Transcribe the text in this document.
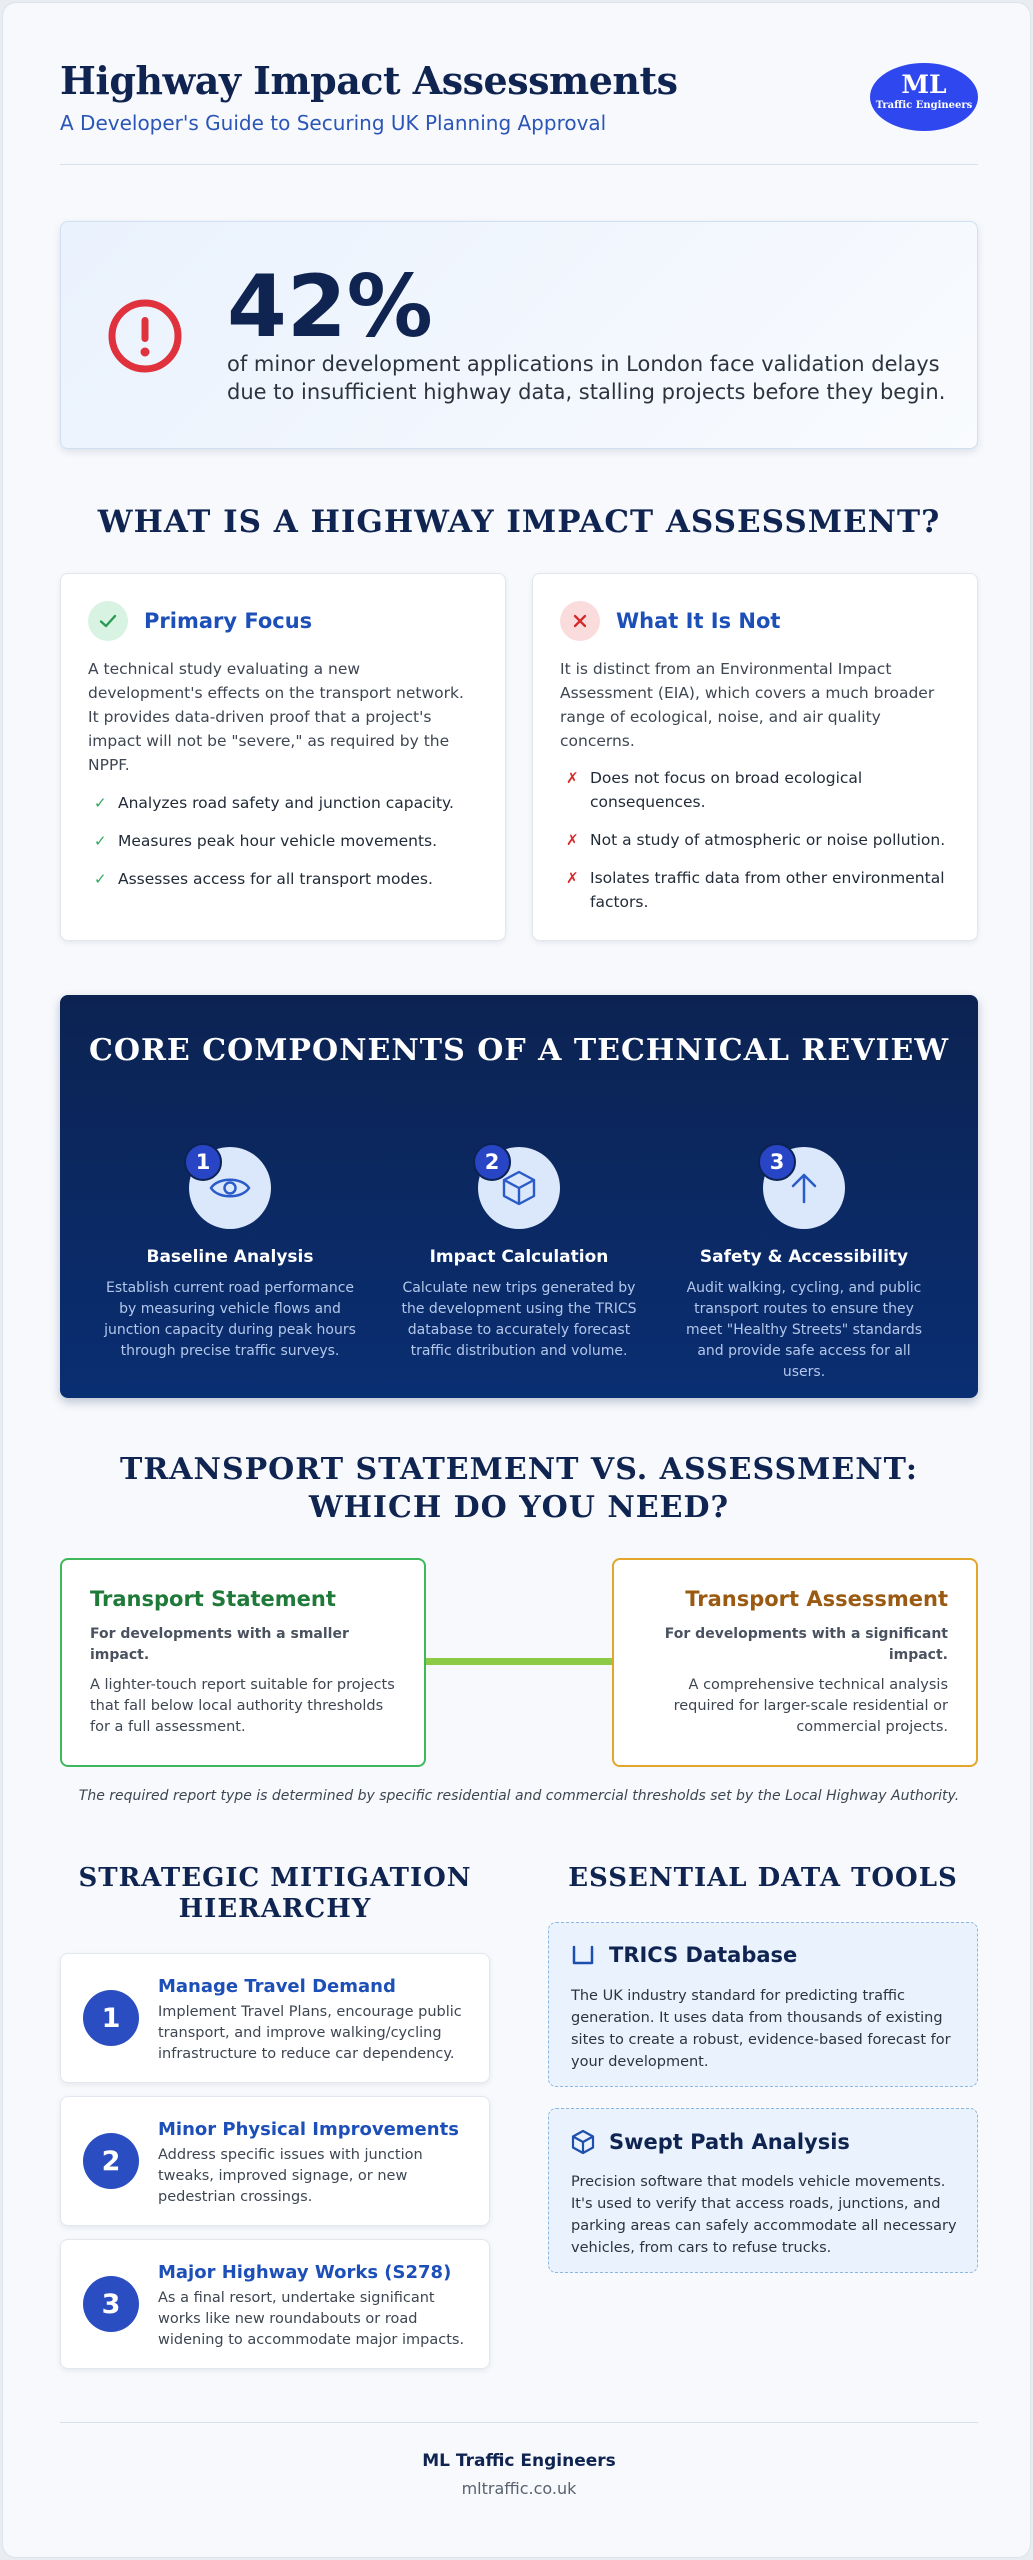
Highway Impact Assessments
A Developer's Guide to Securing UK Planning Approval
ML
Traffic Engineers
42%
of minor development applications in London face validation delays due to insufficient highway data, stalling projects before they begin.
WHAT IS A HIGHWAY IMPACT ASSESSMENT?
Primary Focus
A technical study evaluating a new development's effects on the transport network. It provides data-driven proof that a project's impact will not be "severe," as required by the NPPF.
✓ Analyzes road safety and junction capacity.
✓ Measures peak hour vehicle movements.
✓ Assesses access for all transport modes.
What It Is Not
It is distinct from an Environmental Impact Assessment (EIA), which covers a much broader range of ecological, noise, and air quality concerns.
✗ Does not focus on broad ecological consequences.
✗ Not a study of atmospheric or noise pollution.
✗ Isolates traffic data from other environmental factors.
CORE COMPONENTS OF A TECHNICAL REVIEW
1
Baseline Analysis
Establish current road performance by measuring vehicle flows and junction capacity during peak hours through precise traffic surveys.
2
Impact Calculation
Calculate new trips generated by the development using the TRICS database to accurately forecast traffic distribution and volume.
3
Safety & Accessibility
Audit walking, cycling, and public transport routes to ensure they meet "Healthy Streets" standards and provide safe access for all users.
TRANSPORT STATEMENT VS. ASSESSMENT: WHICH DO YOU NEED?
Transport Statement
For developments with a smaller impact.
A lighter-touch report suitable for projects that fall below local authority thresholds for a full assessment.
Transport Assessment
For developments with a significant impact.
A comprehensive technical analysis required for larger-scale residential or commercial projects.
The required report type is determined by specific residential and commercial thresholds set by the Local Highway Authority.
STRATEGIC MITIGATION HIERARCHY
1
Manage Travel Demand
Implement Travel Plans, encourage public transport, and improve walking/cycling infrastructure to reduce car dependency.
2
Minor Physical Improvements
Address specific issues with junction tweaks, improved signage, or new pedestrian crossings.
3
Major Highway Works (S278)
As a final resort, undertake significant works like new roundabouts or road widening to accommodate major impacts.
ESSENTIAL DATA TOOLS
TRICS Database
The UK industry standard for predicting traffic generation. It uses data from thousands of existing sites to create a robust, evidence-based forecast for your development.
Swept Path Analysis
Precision software that models vehicle movements. It's used to verify that access roads, junctions, and parking areas can safely accommodate all necessary vehicles, from cars to refuse trucks.
ML Traffic Engineers
mltraffic.co.uk
